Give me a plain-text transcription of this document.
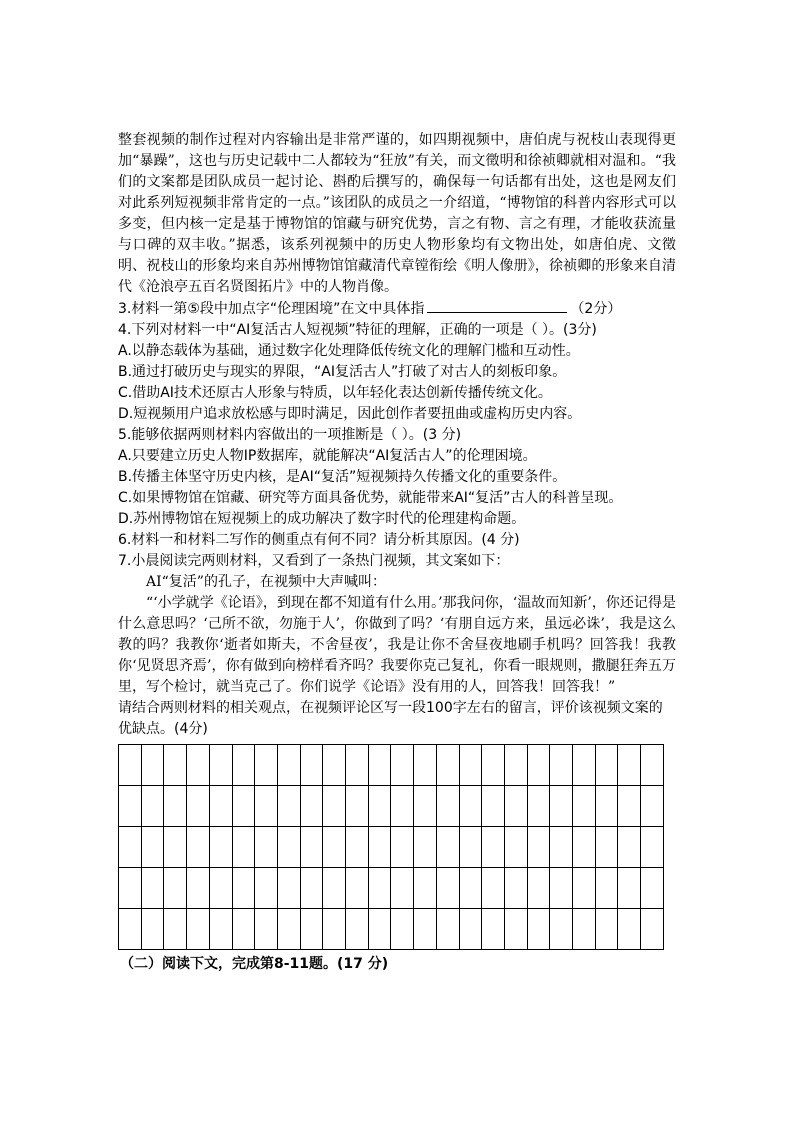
整套视频的制作过程对内容输出是非常严谨的，如四期视频中，唐伯虎与祝枝山表现得更加“暴躁”，这也与历史记载中二人都较为“狂放”有关，而文徵明和徐祯卿就相对温和。“我们的文案都是团队成员一起讨论、斟酌后撰写的，确保每一句话都有出处，这也是网友们对此系列短视频非常肯定的一点。”该团队的成员之一介绍道，“博物馆的科普内容形式可以多变，但内核一定是基于博物馆的馆藏与研究优势，言之有物、言之有理，才能收获流量与口碑的双丰收。”据悉，该系列视频中的历史人物形象均有文物出处，如唐伯虎、文徵明、祝枝山的形象均来自苏州博物馆馆藏清代章镗衔绘《明人像册》，徐祯卿的形象来自清代《沧浪亭五百名贤图拓片》中的人物肖像。

3.材料一第⑤段中加点字“伦理困境”在文中具体指	（2分）

4.下列对材料一中“AI复活古人短视频”特征的理解，正确的一项是（ ）。(3分)

A.以静态载体为基础，通过数字化处理降低传统文化的理解门槛和互动性。

B.通过打破历史与现实的界限，“AI复活古人”打破了对古人的刻板印象。

C.借助AI技术还原古人形象与特质，以年轻化表达创新传播传统文化。

D.短视频用户追求放松感与即时满足，因此创作者要扭曲或虚构历史内容。

5.能够依据两则材料内容做出的一项推断是（ ）。(3 分)

A.只要建立历史人物IP数据库，就能解决“AI复活古人”的伦理困境。

B.传播主体坚守历史内核，是AI“复活”短视频持久传播文化的重要条件。

C.如果博物馆在馆藏、研究等方面具备优势，就能带来AI“复活”古人的科普呈现。

D.苏州博物馆在短视频上的成功解决了数字时代的伦理建构命题。

6.材料一和材料二写作的侧重点有何不同？请分析其原因。(4 分)

7.小晨阅读完两则材料，又看到了一条热门视频，其文案如下：

AI“复活”的孔子，在视频中大声喊叫：

“‘小学就学《论语》，到现在都不知道有什么用。’那我问你，‘温故而知新’，你还记得是什么意思吗？‘己所不欲，勿施于人’，你做到了吗？‘有朋自远方来，虽远必诛’，我是这么教的吗？我教你‘逝者如斯夫，不舍昼夜’，我是让你不舍昼夜地刷手机吗？回答我！我教你‘见贤思齐焉’，你有做到向榜样看齐吗？我要你克己复礼，你看一眼规则，撒腿狂奔五万里，写个检讨，就当克己了。你们说学《论语》没有用的人，回答我！回答我！”

请结合两则材料的相关观点，在视频评论区写一段100字左右的留言，评价该视频文案的优缺点。(4分)

（二）阅读下文，完成第8-11题。(17 分)
